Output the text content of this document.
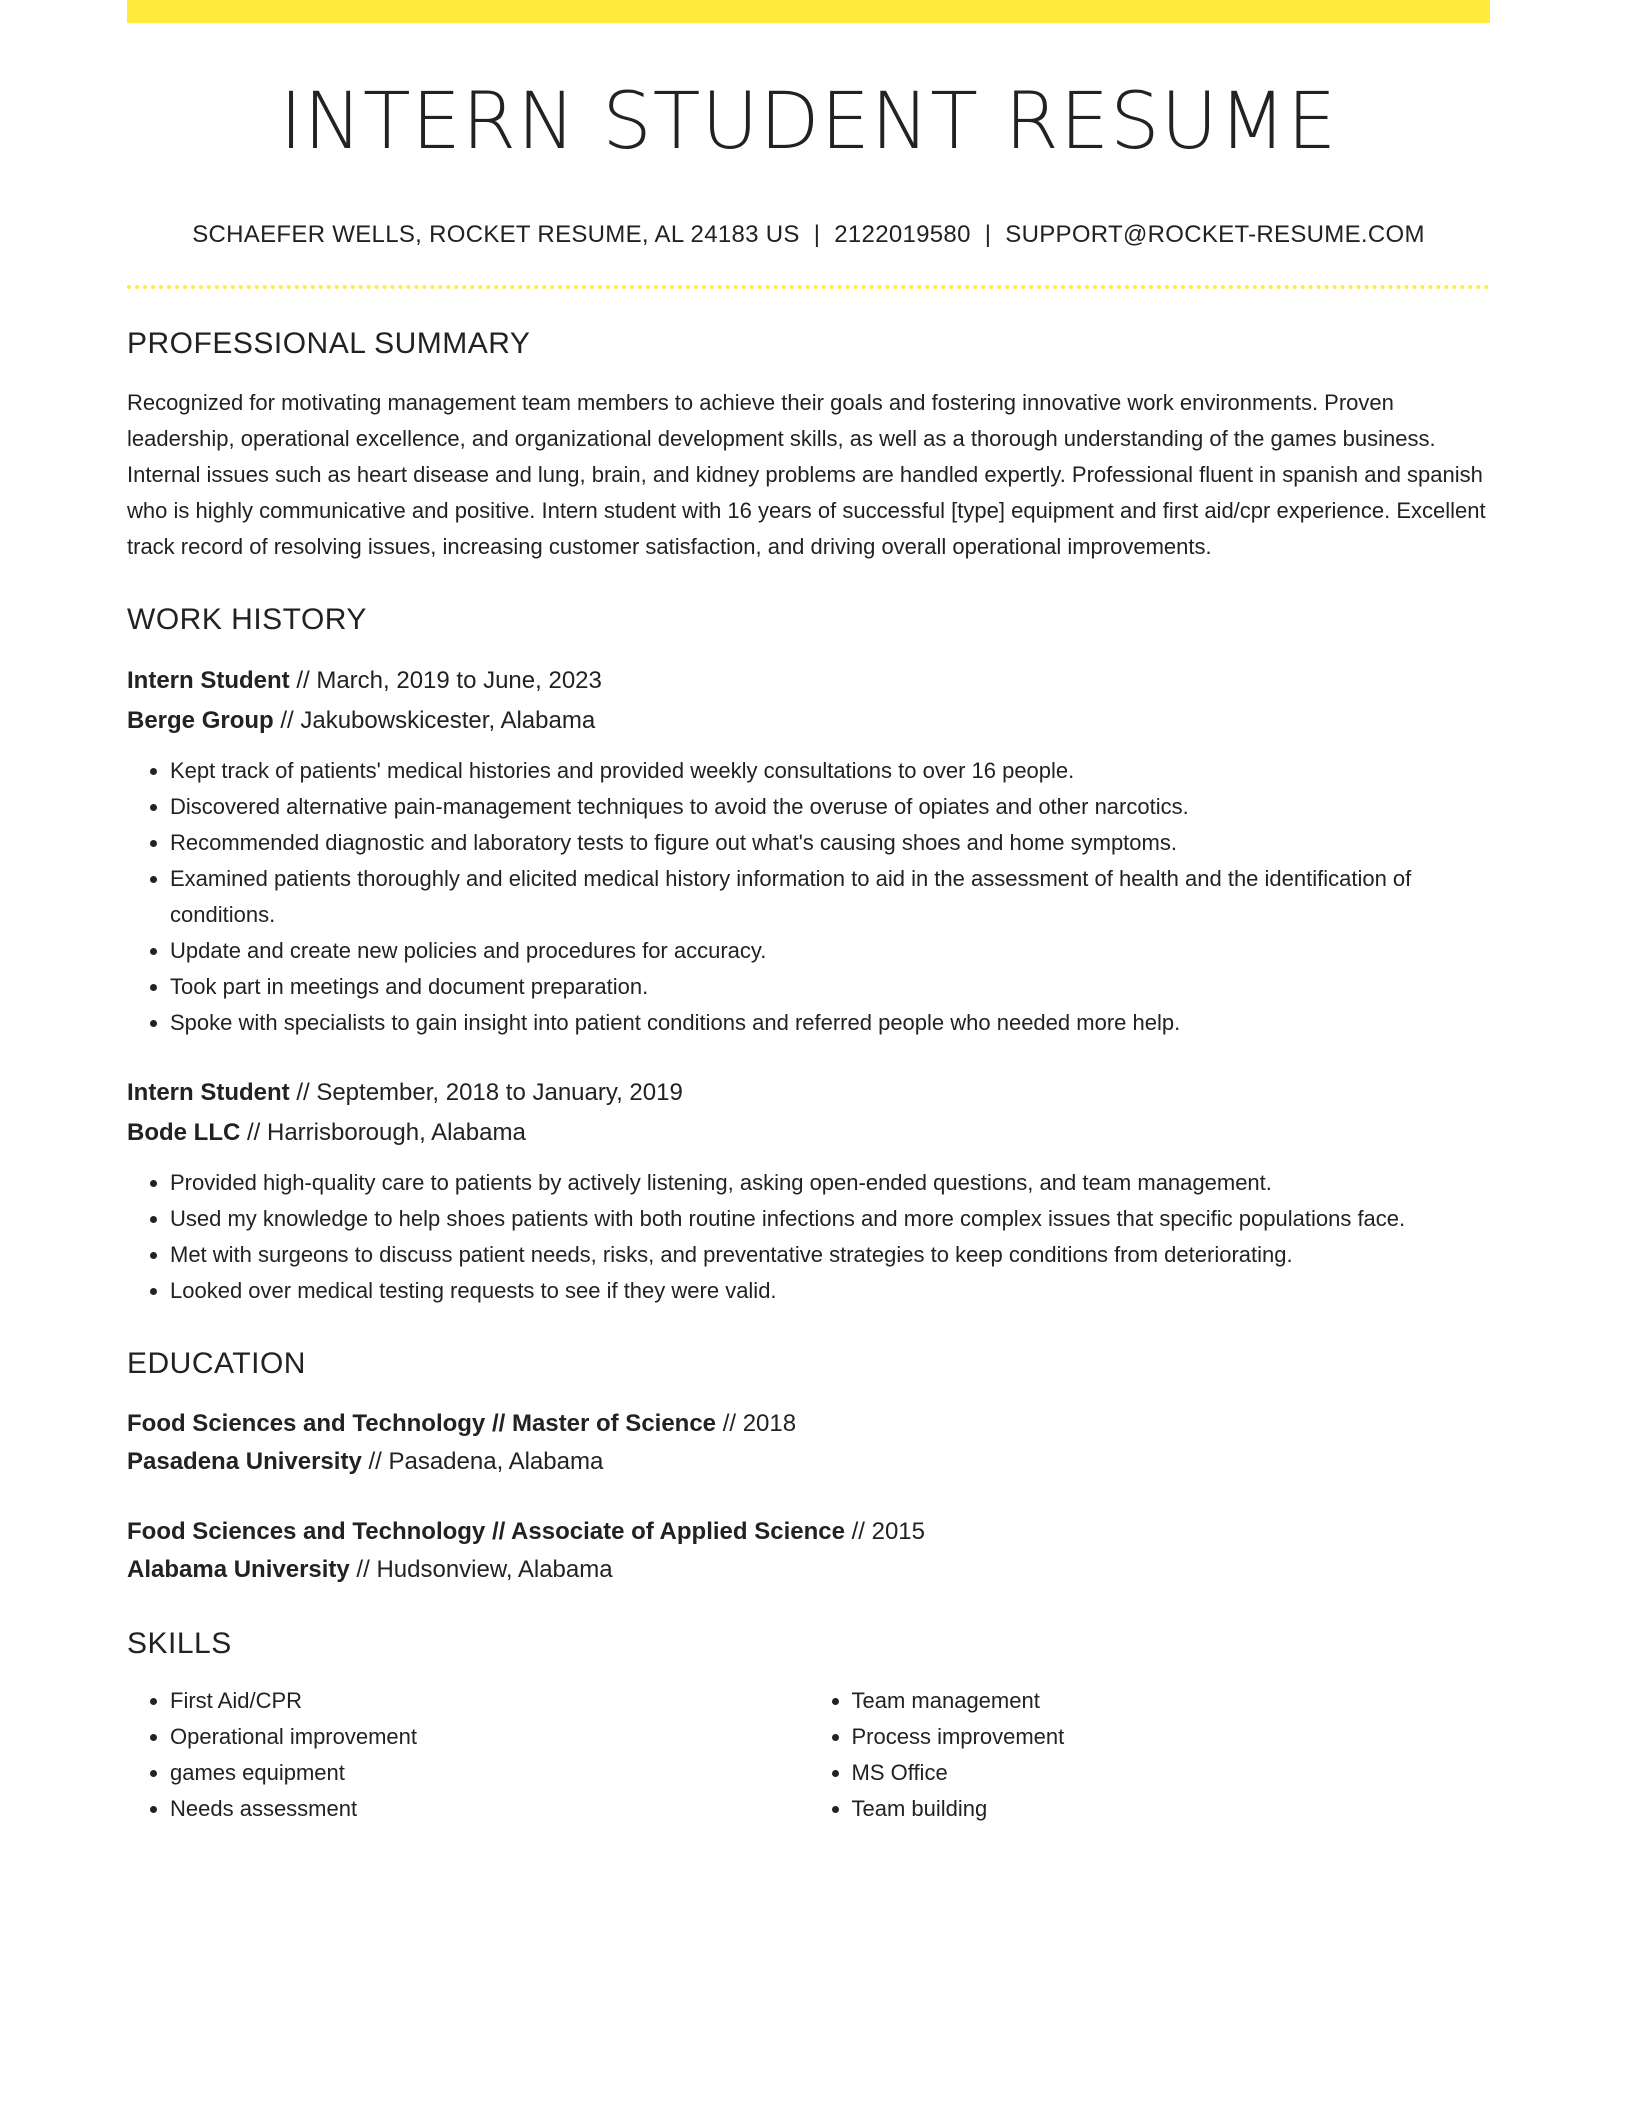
INTERN STUDENT RESUME
SCHAEFER WELLS, ROCKET RESUME, AL 24183 US | 2122019580 | SUPPORT@ROCKET-RESUME.COM
PROFESSIONAL SUMMARY
Recognized for motivating management team members to achieve their goals and fostering innovative work environments. Proven leadership, operational excellence, and organizational development skills, as well as a thorough understanding of the games business. Internal issues such as heart disease and lung, brain, and kidney problems are handled expertly. Professional fluent in spanish and spanish who is highly communicative and positive. Intern student with 16 years of successful [type] equipment and first aid/cpr experience. Excellent track record of resolving issues, increasing customer satisfaction, and driving overall operational improvements.
WORK HISTORY
Intern Student // March, 2019 to June, 2023
Berge Group // Jakubowskicester, Alabama
• Kept track of patients' medical histories and provided weekly consultations to over 16 people.
• Discovered alternative pain-management techniques to avoid the overuse of opiates and other narcotics.
• Recommended diagnostic and laboratory tests to figure out what's causing shoes and home symptoms.
• Examined patients thoroughly and elicited medical history information to aid in the assessment of health and the identification of conditions.
• Update and create new policies and procedures for accuracy.
• Took part in meetings and document preparation.
• Spoke with specialists to gain insight into patient conditions and referred people who needed more help.
Intern Student // September, 2018 to January, 2019
Bode LLC // Harrisborough, Alabama
• Provided high-quality care to patients by actively listening, asking open-ended questions, and team management.
• Used my knowledge to help shoes patients with both routine infections and more complex issues that specific populations face.
• Met with surgeons to discuss patient needs, risks, and preventative strategies to keep conditions from deteriorating.
• Looked over medical testing requests to see if they were valid.
EDUCATION
Food Sciences and Technology // Master of Science // 2018
Pasadena University // Pasadena, Alabama
Food Sciences and Technology // Associate of Applied Science // 2015
Alabama University // Hudsonview, Alabama
SKILLS
• First Aid/CPR
• Operational improvement
• games equipment
• Needs assessment
• Team management
• Process improvement
• MS Office
• Team building
